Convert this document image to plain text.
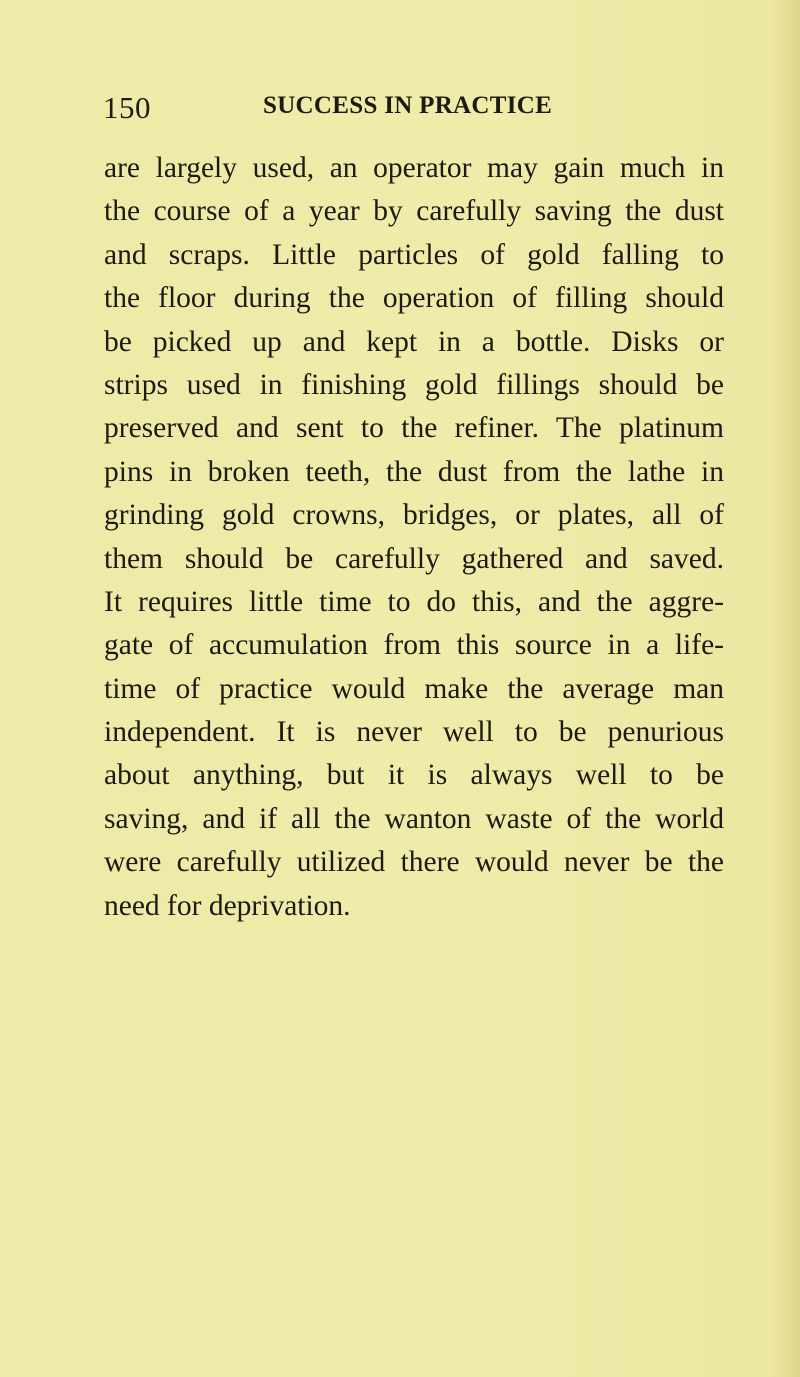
150	SUCCESS IN PRACTICE
are largely used, an operator may gain much in
the course of a year by carefully saving the dust
and scraps. Little particles of gold falling to
the floor during the operation of filling should
be picked up and kept in a bottle. Disks or
strips used in finishing gold fillings should be
preserved and sent to the refiner. The platinum
pins in broken teeth, the dust from the lathe in
grinding gold crowns, bridges, or plates, all of
them should be carefully gathered and saved.
It requires little time to do this, and the aggre-
gate of accumulation from this source in a life-
time of practice would make the average man
independent. It is never well to be penurious
about anything, but it is always well to be
saving, and if all the wanton waste of the world
were carefully utilized there would never be the
need for deprivation.
